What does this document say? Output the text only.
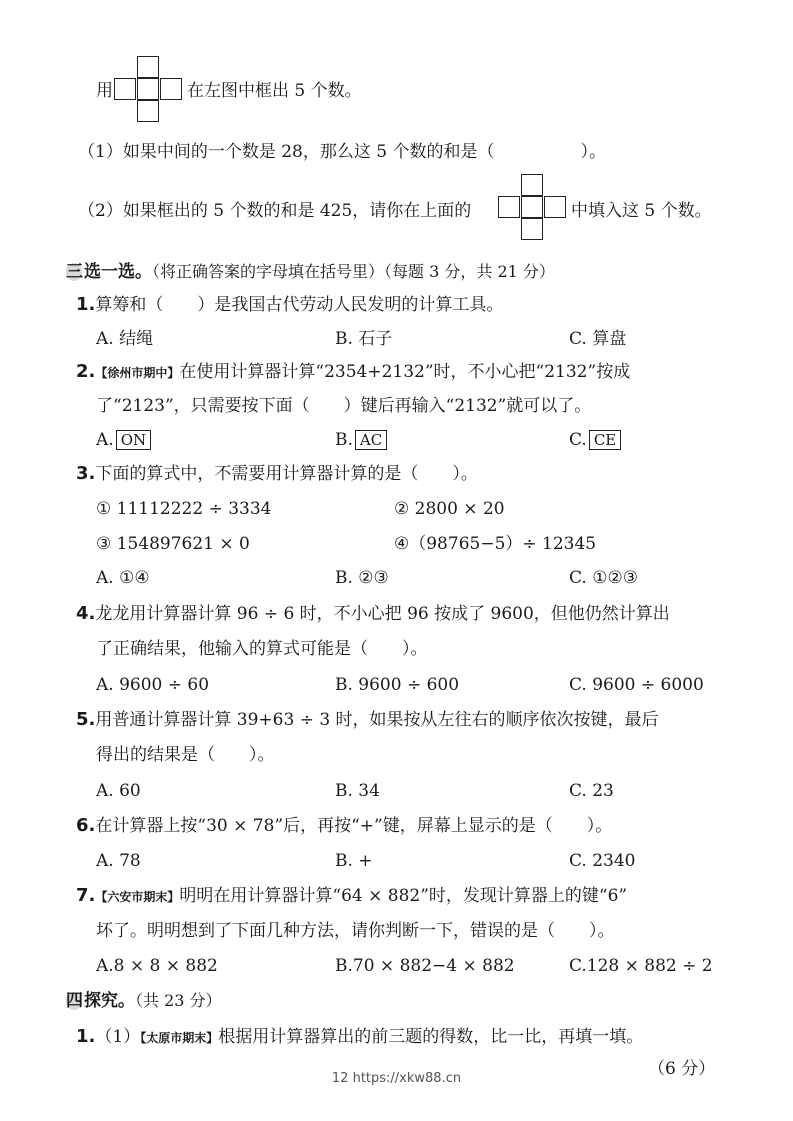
用	在左图中框出 5 个数。
（1）如果中间的一个数是 28，那么这 5 个数的和是（	）。
（2）如果框出的 5 个数的和是 425，请你在上面的	中填入这 5 个数。
三选一选。（将正确答案的字母填在括号里）（每题 3 分，共 21 分）
1.算筹和（　　）是我国古代劳动人民发明的计算工具。
A. 结绳	B. 石子	C. 算盘
2.【徐州市期中】在使用计算器计算“2354+2132”时，不小心把“2132”按成
了“2123”，只需要按下面（　　）键后再输入“2132”就可以了。
A. ON	B. AC	C. CE
3.下面的算式中，不需要用计算器计算的是（　　）。
① 11112222 ÷ 3334	② 2800 × 20
③ 154897621 × 0	④（98765−5）÷ 12345
A. ①④	B. ②③	C. ①②③
4.龙龙用计算器计算 96 ÷ 6 时，不小心把 96 按成了 9600，但他仍然计算出
了正确结果，他输入的算式可能是（　　）。
A. 9600 ÷ 60	B. 9600 ÷ 600	C. 9600 ÷ 6000
5.用普通计算器计算 39+63 ÷ 3 时，如果按从左往右的顺序依次按键，最后
得出的结果是（　　）。
A. 60	B. 34	C. 23
6.在计算器上按“30 × 78”后，再按“+”键，屏幕上显示的是（　　）。
A. 78	B. +	C. 2340
7.【六安市期末】明明在用计算器计算“64 × 882”时，发现计算器上的键“6”
坏了。明明想到了下面几种方法，请你判断一下，错误的是（　　）。
A.8 × 8 × 882	B.70 × 882−4 × 882	C.128 × 882 ÷ 2
四探究。（共 23 分）
1.（1）【太原市期末】根据用计算器算出的前三题的得数，比一比，再填一填。
（6 分）
12 https://xkw88.cn
